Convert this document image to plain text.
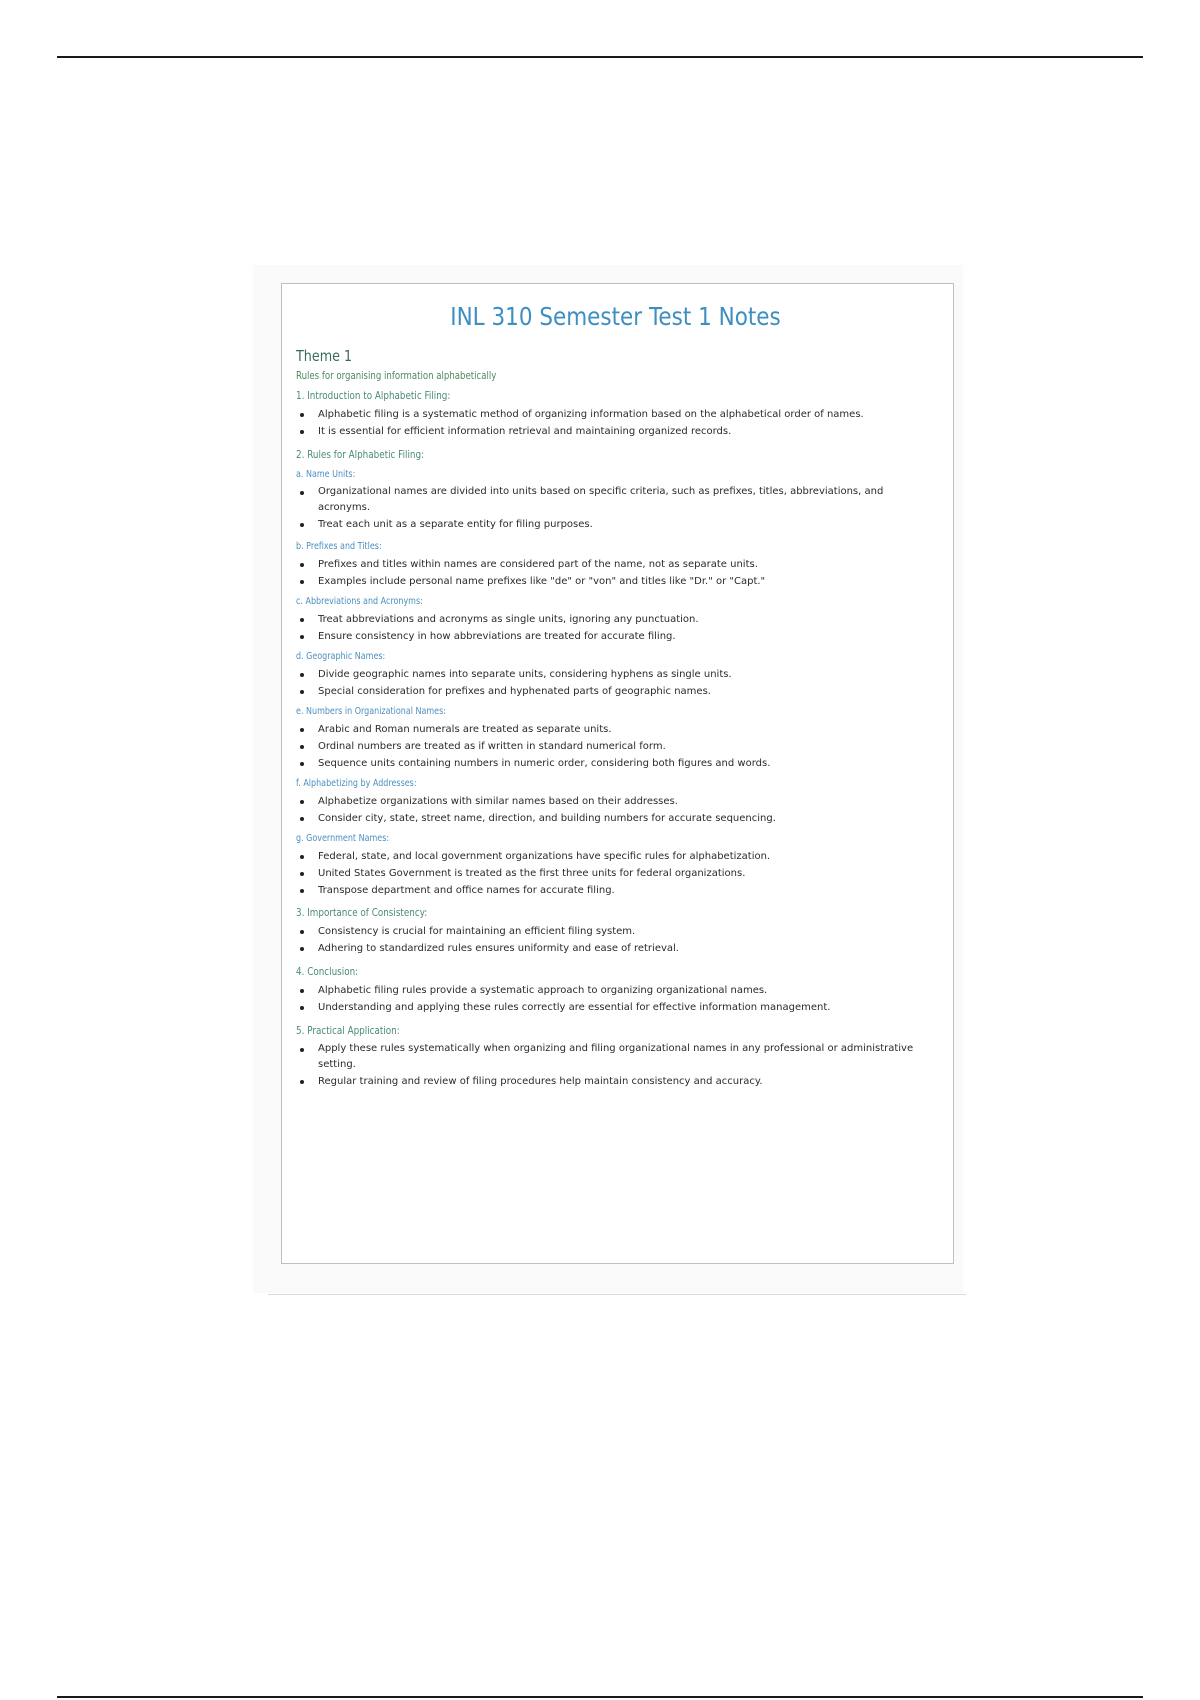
INL 310 Semester Test 1 Notes
Theme 1
Rules for organising information alphabetically
1. Introduction to Alphabetic Filing:
Alphabetic filing is a systematic method of organizing information based on the alphabetical order of names.
It is essential for efficient information retrieval and maintaining organized records.
2. Rules for Alphabetic Filing:
a. Name Units:
Organizational names are divided into units based on specific criteria, such as prefixes, titles, abbreviations, and acronyms.
Treat each unit as a separate entity for filing purposes.
b. Prefixes and Titles:
Prefixes and titles within names are considered part of the name, not as separate units.
Examples include personal name prefixes like "de" or "von" and titles like "Dr." or "Capt."
c. Abbreviations and Acronyms:
Treat abbreviations and acronyms as single units, ignoring any punctuation.
Ensure consistency in how abbreviations are treated for accurate filing.
d. Geographic Names:
Divide geographic names into separate units, considering hyphens as single units.
Special consideration for prefixes and hyphenated parts of geographic names.
e. Numbers in Organizational Names:
Arabic and Roman numerals are treated as separate units.
Ordinal numbers are treated as if written in standard numerical form.
Sequence units containing numbers in numeric order, considering both figures and words.
f. Alphabetizing by Addresses:
Alphabetize organizations with similar names based on their addresses.
Consider city, state, street name, direction, and building numbers for accurate sequencing.
g. Government Names:
Federal, state, and local government organizations have specific rules for alphabetization.
United States Government is treated as the first three units for federal organizations.
Transpose department and office names for accurate filing.
3. Importance of Consistency:
Consistency is crucial for maintaining an efficient filing system.
Adhering to standardized rules ensures uniformity and ease of retrieval.
4. Conclusion:
Alphabetic filing rules provide a systematic approach to organizing organizational names.
Understanding and applying these rules correctly are essential for effective information management.
5. Practical Application:
Apply these rules systematically when organizing and filing organizational names in any professional or administrative setting.
Regular training and review of filing procedures help maintain consistency and accuracy.
